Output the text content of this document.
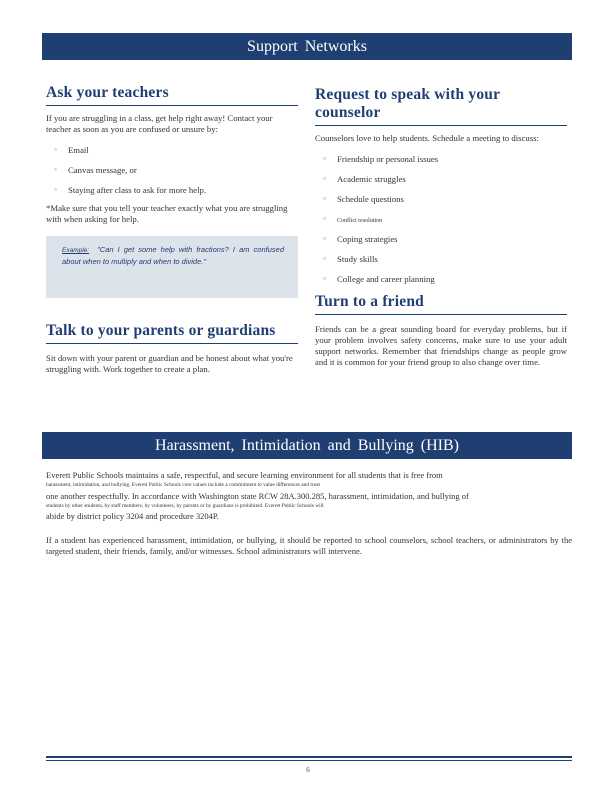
Support Networks
Ask your teachers

If you are struggling in a class, get help right away! Contact your teacher as soon as you are confused or unsure by:

▫ Email
▫ Canvas message, or
▫ Staying after class to ask for more help.

*Make sure that you tell your teacher exactly what you are struggling with when asking for help.

Example: "Can I get some help with fractions? I am confused about when to multiply and when to divide."

Talk to your parents or guardians

Sit down with your parent or guardian and be honest about what you're struggling with. Work together to create a plan.

Request to speak with your counselor

Counselors love to help students. Schedule a meeting to discuss:

▫ Friendship or personal issues
▫ Academic struggles
▫ Schedule questions
▫ Conflict resolution
▫ Coping strategies
▫ Study skills
▫ College and career planning
Turn to a friend

Friends can be a great sounding board for everyday problems, but if your problem involves safety concerns, make sure to use your adult support networks. Remember that friendships change as people grow and it is common for your friend group to also change over time.

Harassment, Intimidation and Bullying (HIB)

Everett Public Schools maintains a safe, respectful, and secure learning environment for all students that is free from

harassment, intimidation, and bullying. Everett Public Schools core values include a commitment to value differences and treat

one another respectfully. In accordance with Washington state RCW 28A.300.285, harassment, intimidation, and bullying of

students by other students, by staff members, by volunteers, by parents or by guardians is prohibited. Everett Public Schools will

abide by district policy 3204 and procedure 3204P.

If a student has experienced harassment, intimidation, or bullying, it should be reported to school counselors, school teachers, or administrators by the targeted student, their friends, family, and/or witnesses. School administrators will intervene.

6
